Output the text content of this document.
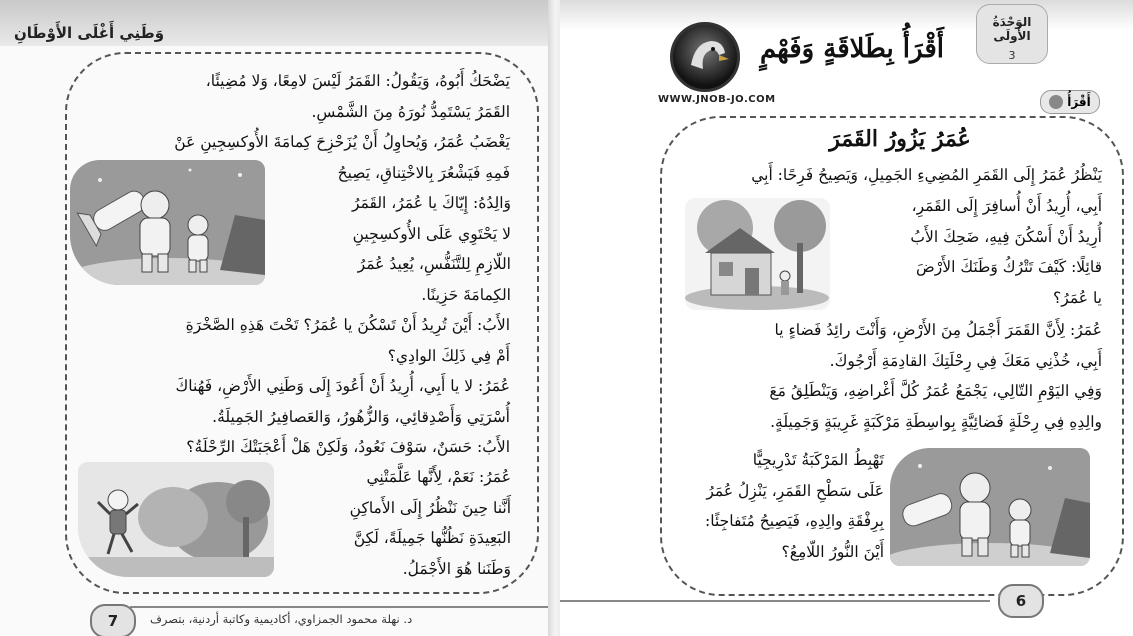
وَطَنِي أَغْلَى الأَوْطَانِ

يَضْحَكُ أَبُوهُ، وَيَقُولُ: القَمَرُ لَيْسَ لامِعًا، وَلا مُضِيئًا،

القَمَرُ يَسْتَمِدُّ نُورَهُ مِنَ الشَّمْسِ.

يَغْضَبُ عُمَرُ، وَيُحاوِلُ أَنْ يُزَحْزِحَ كِمامَةَ الأُوكسِجِينِ عَنْ

فَمِهِ فَيَشْعُرَ بِالاخْتِناقِ، يَصِيحُ

وَالِدُهُ: إِيّاكَ يا عُمَرُ، القَمَرُ

لا يَحْتَوِي عَلَى الأُوكسِجِينِ

اللّازِمِ لِلتَّنَفُّسِ، يُعِيدُ عُمَرُ

الكِمامَةَ حَزِينًا.

الأَبُ: أَيْنَ تُرِيدُ أَنْ تَسْكُنَ يا عُمَرُ؟ تَحْتَ هَذِهِ الصَّخْرَةِ

أَمْ فِي ذَلِكَ الوادِي؟

عُمَرُ: لا يا أَبِي، أُرِيدُ أَنْ أَعُودَ إِلَى وَطَنِي الأَرْضِ، فَهُناكَ

أُسْرَتِي وَأَصْدِقائِي، وَالزُّهُورُ، وَالعَصافِيرُ الجَمِيلَةُ.

الأَبُ: حَسَنٌ، سَوْفَ نَعُودُ، وَلَكِنْ هَلْ أَعْجَبَتْكَ الرِّحْلَةُ؟

عُمَرُ: نَعَمْ، لِأَنَّها عَلَّمَتْنِي

أَنَّنا حِينَ نَنْظُرُ إِلَى الأَماكِنِ

البَعِيدَةِ نَظُنُّها جَمِيلَةً، لَكِنَّ

وَطَنَنا هُوَ الأَجْمَلُ.

د. نهلة محمود الجمزاوي، أكاديمية وكاتبة أردنية، بتصرف
7
الوَحْدَةُ الأُولَى
3
أَقْرَأُ بِطَلاقَةٍ وَفَهْمٍ
WWW.JNOB-JO.COM	أَقْرَأُ
عُمَرُ يَزُورُ القَمَرَ

يَنْظُرُ عُمَرُ إِلَى القَمَرِ المُضِيءِ الجَمِيلِ، وَيَصِيحُ فَرِحًا: أَبِي

أَبِي، أُرِيدُ أَنْ أُسافِرَ إِلَى القَمَرِ،

أُرِيدُ أَنْ أَسْكُنَ فِيهِ، ضَحِكَ الأَبُ

قائِلًا: كَيْفَ تَتْرُكُ وَطَنَكَ الأَرْضَ

يا عُمَرُ؟

عُمَرُ: لِأَنَّ القَمَرَ أَجْمَلُ مِنَ الأَرْضِ، وَأَنْتَ رائِدُ فَضاءٍ يا

أَبِي، خُذْنِي مَعَكَ فِي رِحْلَتِكَ القادِمَةِ أَرْجُوكَ.

وَفِي اليَوْمِ التّالِي، يَجْمَعُ عُمَرُ كُلَّ أَغْراضِهِ، وَيَنْطَلِقُ مَعَ

والِدِهِ فِي رِحْلَةٍ فَضائِيَّةٍ بِواسِطَةِ مَرْكَبَةٍ غَرِيبَةٍ وَجَمِيلَةٍ.

تَهْبِطُ المَرْكَبَةُ تَدْرِيجِيًّا

عَلَى سَطْحِ القَمَرِ، يَنْزِلُ عُمَرُ

بِرِفْقَةِ والِدِهِ، فَيَصِيحُ مُتَفاجِئًا:

أَيْنَ النُّورُ اللّامِعُ؟

6
